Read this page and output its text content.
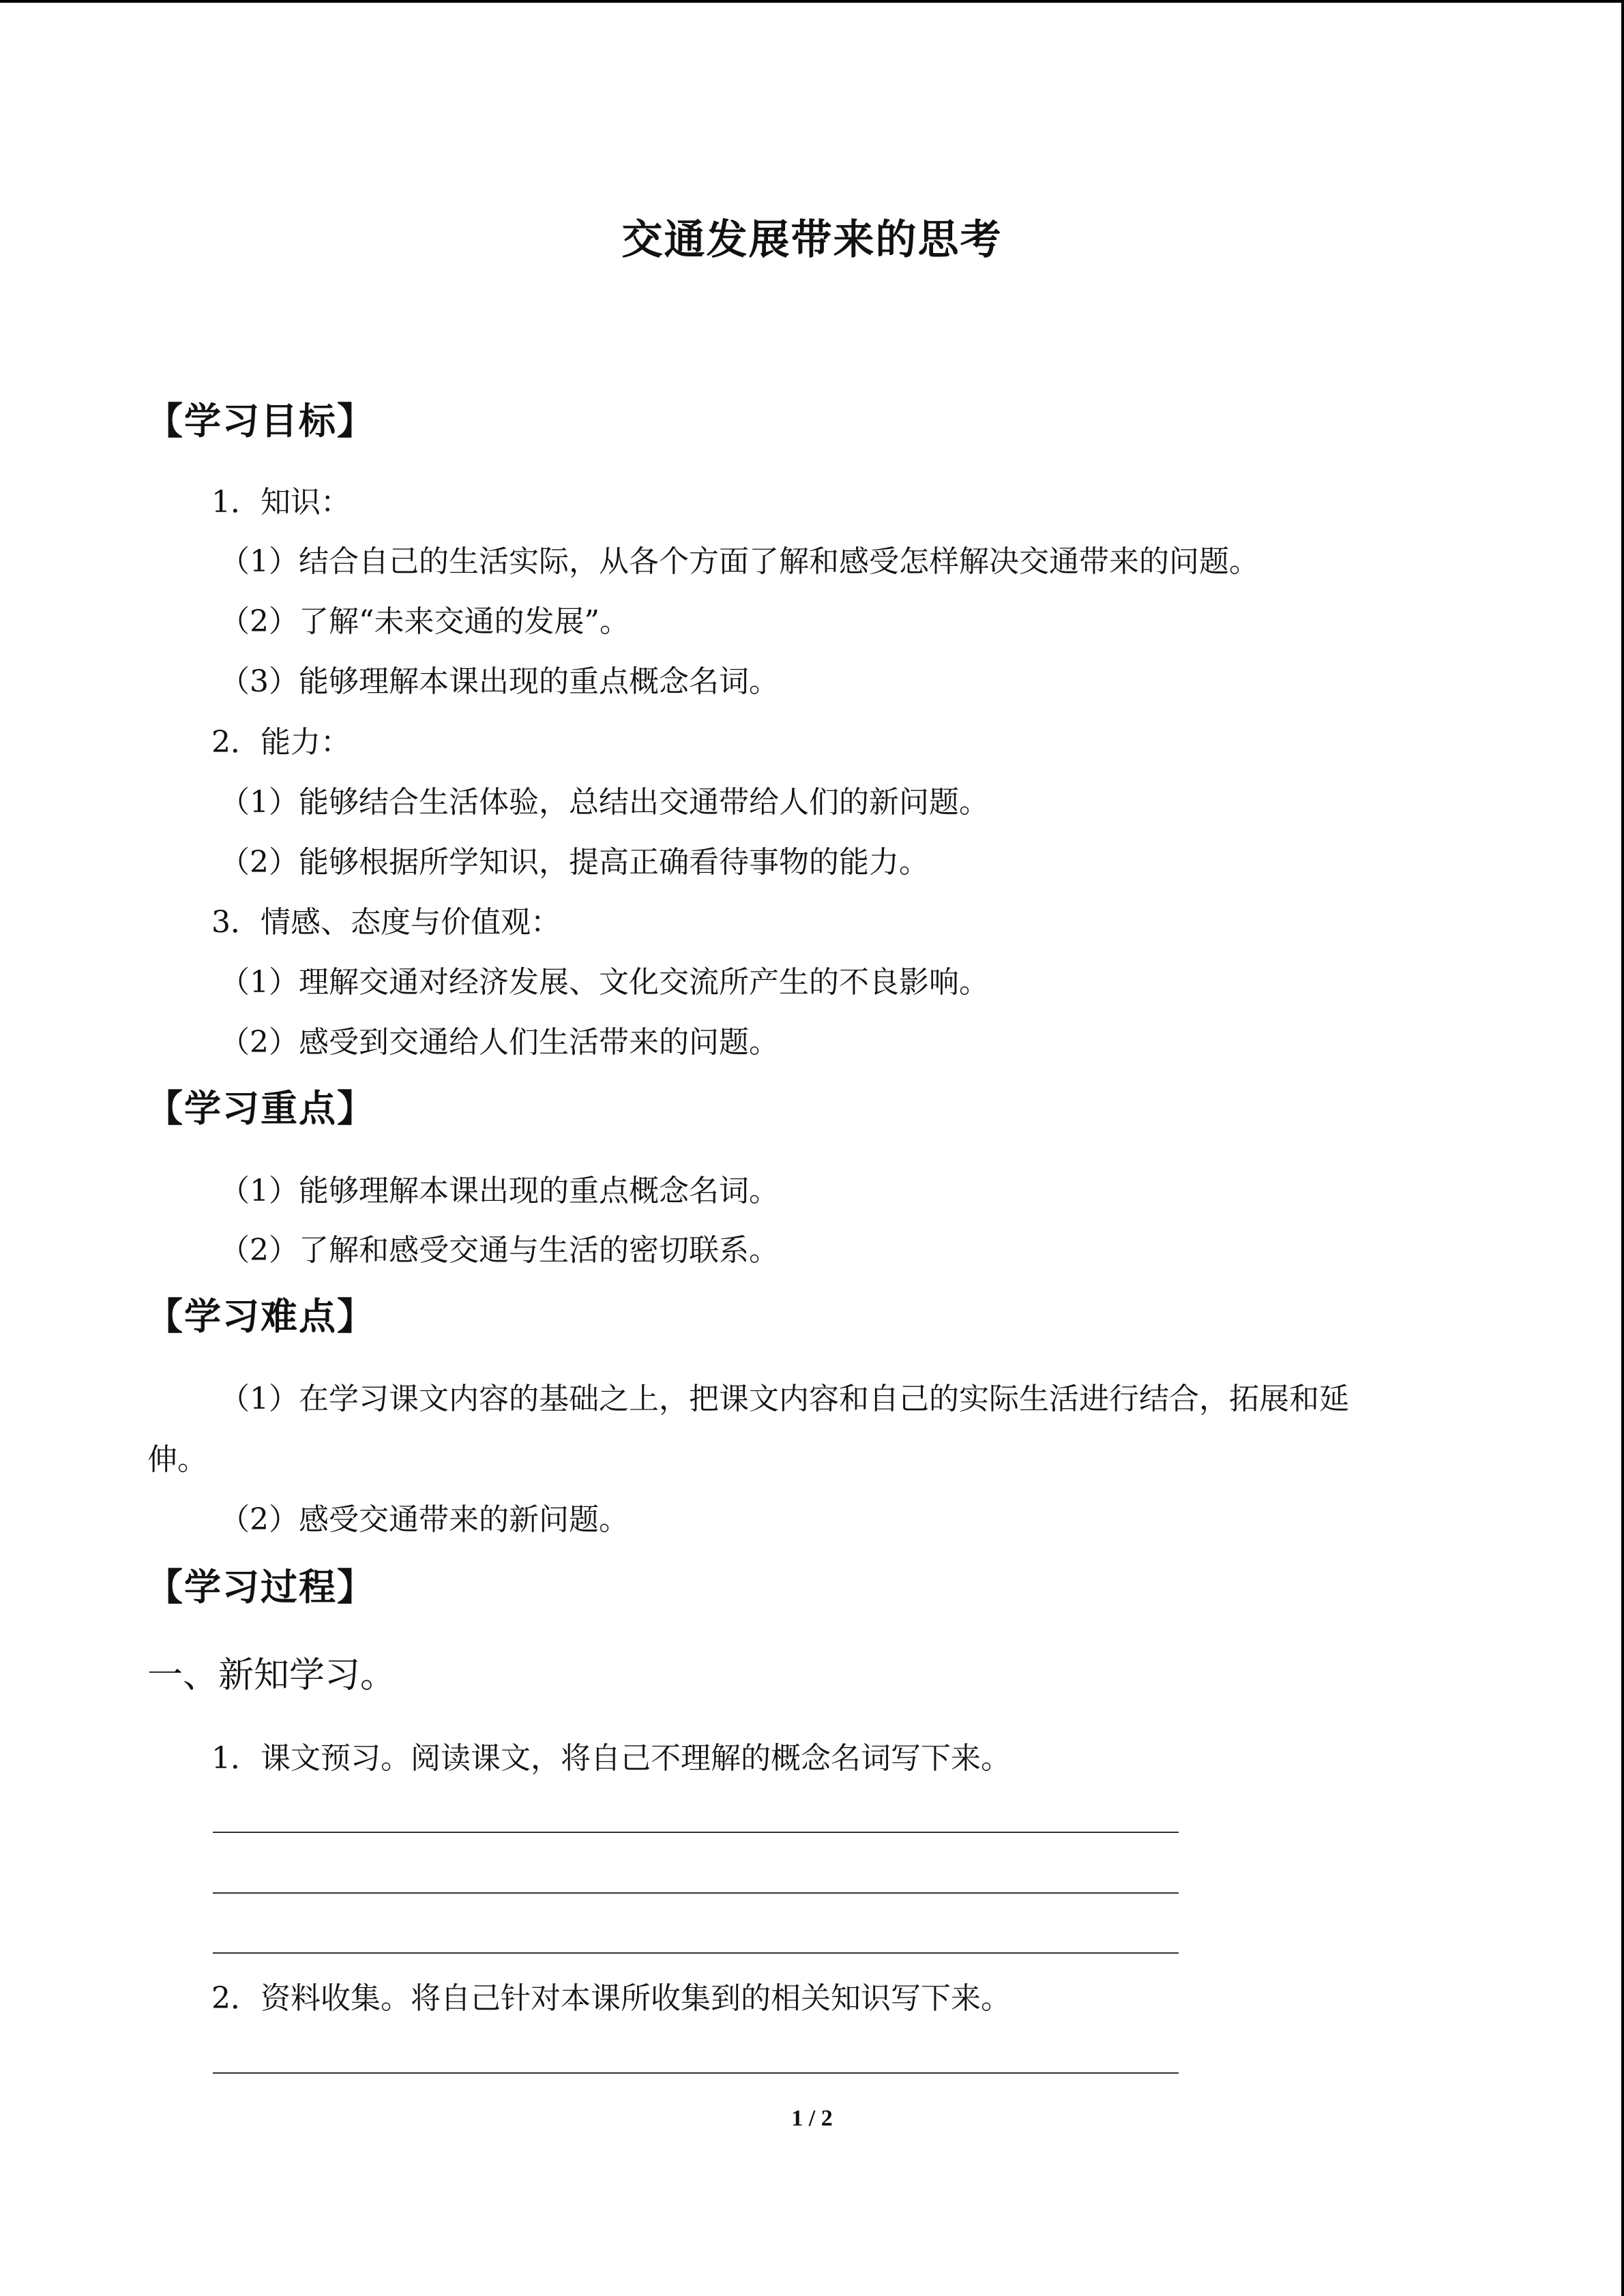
交通发展带来的思考
【学习目标】
1．知识：
（1）结合自己的生活实际，从各个方面了解和感受怎样解决交通带来的问题。
（2）了解“未来交通的发展”。
（3）能够理解本课出现的重点概念名词。
2．能力：
（1）能够结合生活体验，总结出交通带给人们的新问题。
（2）能够根据所学知识，提高正确看待事物的能力。
3．情感、态度与价值观：
（1）理解交通对经济发展、文化交流所产生的不良影响。
（2）感受到交通给人们生活带来的问题。
【学习重点】
（1）能够理解本课出现的重点概念名词。
（2）了解和感受交通与生活的密切联系。
【学习难点】
（1）在学习课文内容的基础之上，把课文内容和自己的实际生活进行结合，拓展和延
伸。
（2）感受交通带来的新问题。
【学习过程】
一、新知学习。
1．课文预习。阅读课文，将自己不理解的概念名词写下来。
2．资料收集。将自己针对本课所收集到的相关知识写下来。
1 / 2
